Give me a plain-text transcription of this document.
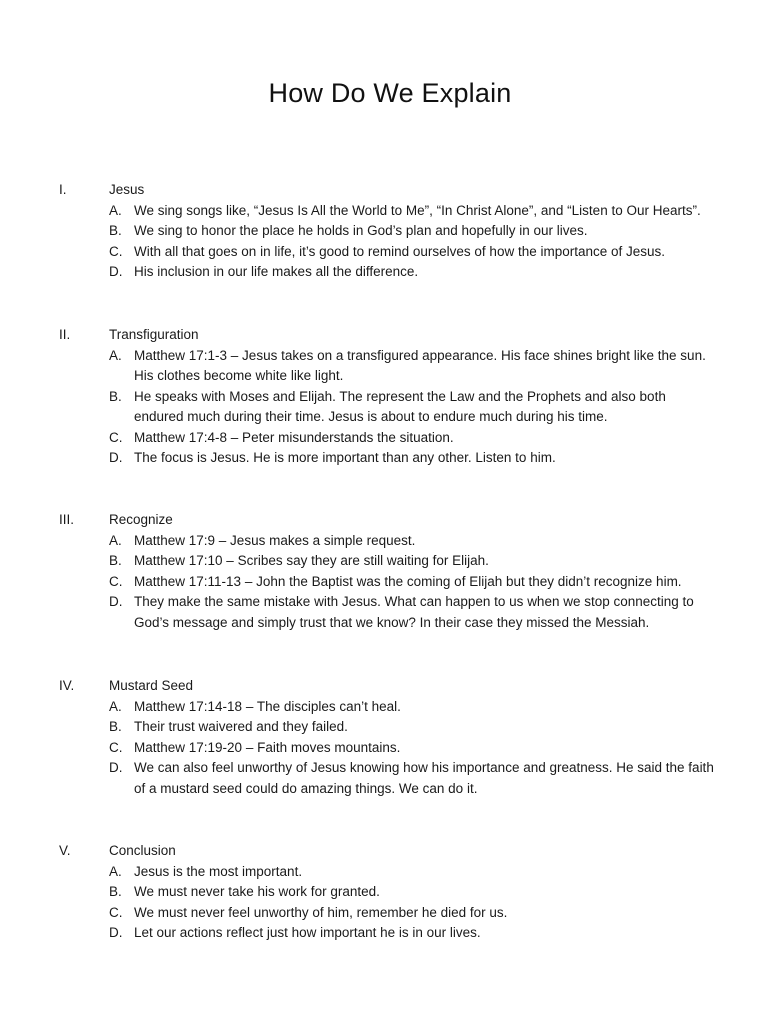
How Do We Explain
I.	Jesus
A. We sing songs like, “Jesus Is All the World to Me”, “In Christ Alone”, and “Listen to Our Hearts”.
B. We sing to honor the place he holds in God’s plan and hopefully in our lives.
C. With all that goes on in life, it’s good to remind ourselves of how the importance of Jesus.
D. His inclusion in our life makes all the difference.
II.	Transfiguration
A. Matthew 17:1-3 – Jesus takes on a transfigured appearance. His face shines bright like the sun.
His clothes become white like light.
B. He speaks with Moses and Elijah. The represent the Law and the Prophets and also both
endured much during their time. Jesus is about to endure much during his time.
C. Matthew 17:4-8 – Peter misunderstands the situation.
D. The focus is Jesus. He is more important than any other. Listen to him.
III.	Recognize
A. Matthew 17:9 – Jesus makes a simple request.
B. Matthew 17:10 – Scribes say they are still waiting for Elijah.
C. Matthew 17:11-13 – John the Baptist was the coming of Elijah but they didn’t recognize him.
D. They make the same mistake with Jesus. What can happen to us when we stop connecting to
God’s message and simply trust that we know? In their case they missed the Messiah.
IV.	Mustard Seed
A. Matthew 17:14-18 – The disciples can’t heal.
B. Their trust waivered and they failed.
C. Matthew 17:19-20 – Faith moves mountains.
D. We can also feel unworthy of Jesus knowing how his importance and greatness. He said the faith
of a mustard seed could do amazing things. We can do it.
V.	Conclusion
A. Jesus is the most important.
B. We must never take his work for granted.
C. We must never feel unworthy of him, remember he died for us.
D. Let our actions reflect just how important he is in our lives.
